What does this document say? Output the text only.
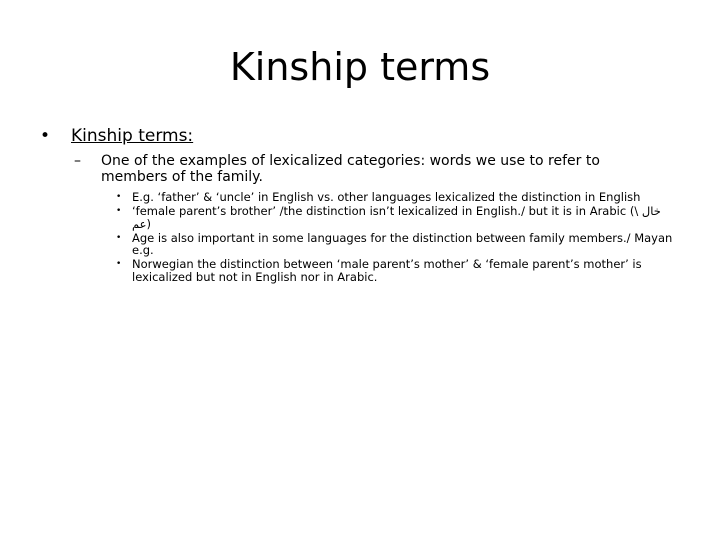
Kinship terms
• Kinship terms:
– One of the examples of lexicalized categories: words we use to refer to members of the family.
• E.g. ‘father’ & ‘uncle’ in English vs. other languages lexicalized the distinction in English
• ‘female parent’s brother’ /the distinction isn’t lexicalized in English./ but it is in Arabic (خال \ عم)
• Age is also important in some languages for the distinction between family members./ Mayan e.g.
• Norwegian the distinction between ‘male parent’s mother’ & ‘female parent’s mother’ is lexicalized but not in English nor in Arabic.
